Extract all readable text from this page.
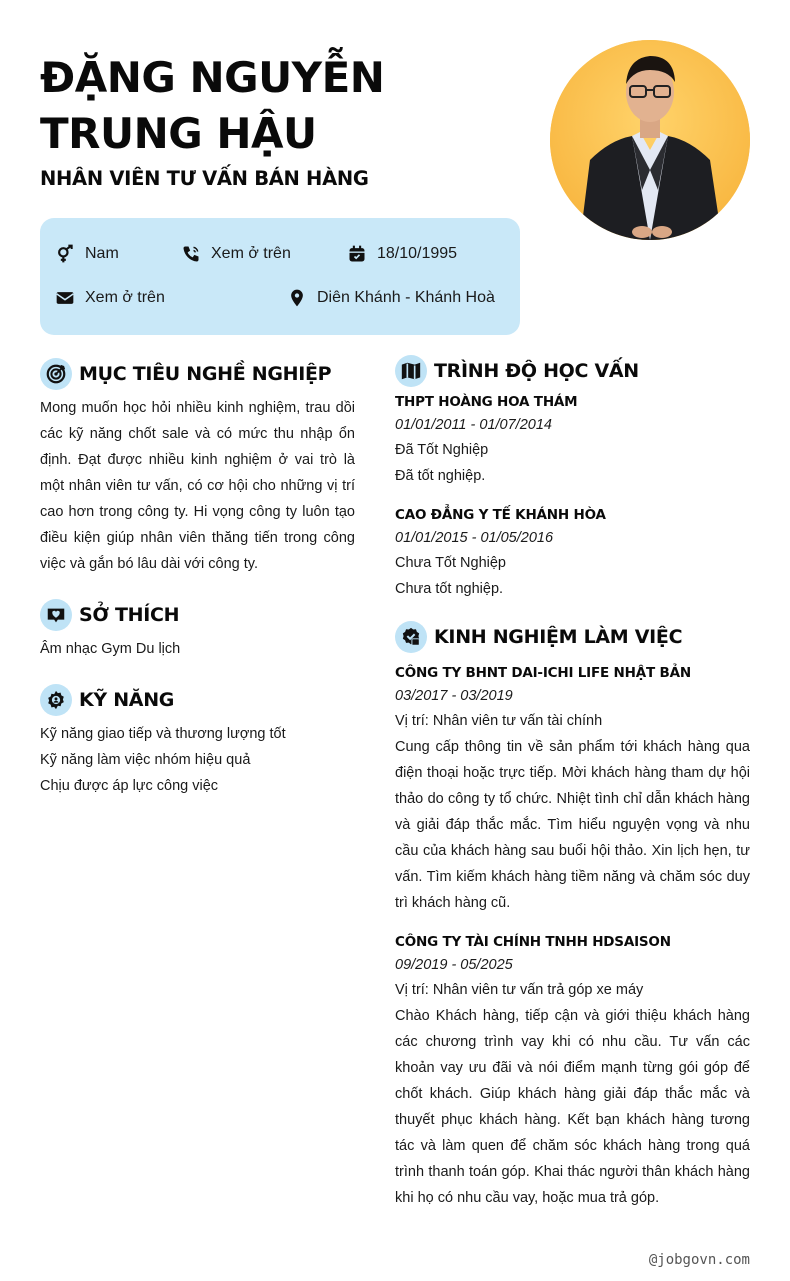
ĐẶNG NGUYỄN
TRUNG HẬU
NHÂN VIÊN TƯ VẤN BÁN HÀNG
Nam	Xem ở trên	18/10/1995
Xem ở trên	Diên Khánh - Khánh Hoà
MỤC TIÊU NGHỀ NGHIỆP
Mong muốn học hỏi nhiều kinh nghiệm, trau dồi các kỹ năng chốt sale và có mức thu nhập ổn định. Đạt được nhiều kinh nghiệm ở vai trò là một nhân viên tư vấn, có cơ hội cho những vị trí cao hơn trong công ty. Hi vọng công ty luôn tạo điều kiện giúp nhân viên thăng tiến trong công việc và gắn bó lâu dài với công ty.
SỞ THÍCH
Âm nhạc Gym Du lịch
KỸ NĂNG
Kỹ năng giao tiếp và thương lượng tốt
Kỹ năng làm việc nhóm hiệu quả
Chịu được áp lực công việc
TRÌNH ĐỘ HỌC VẤN
THPT HOÀNG HOA THÁM
01/01/2011 - 01/07/2014
Đã Tốt Nghiệp
Đã tốt nghiệp.
CAO ĐẲNG Y TẾ KHÁNH HÒA
01/01/2015 - 01/05/2016
Chưa Tốt Nghiệp
Chưa tốt nghiệp.
KINH NGHIỆM LÀM VIỆC
CÔNG TY BHNT DAI-ICHI LIFE NHẬT BẢN
03/2017 - 03/2019
Vị trí: Nhân viên tư vấn tài chính
Cung cấp thông tin về sản phẩm tới khách hàng qua điện thoại hoặc trực tiếp. Mời khách hàng tham dự hội thảo do công ty tổ chức. Nhiệt tình chỉ dẫn khách hàng và giải đáp thắc mắc. Tìm hiểu nguyện vọng và nhu cầu của khách hàng sau buổi hội thảo. Xin lịch hẹn, tư vấn. Tìm kiếm khách hàng tiềm năng và chăm sóc duy trì khách hàng cũ.
CÔNG TY TÀI CHÍNH TNHH HDSAISON
09/2019 - 05/2025
Vị trí: Nhân viên tư vấn trả góp xe máy
Chào Khách hàng, tiếp cận và giới thiệu khách hàng các chương trình vay khi có nhu cầu. Tư vấn các khoản vay ưu đãi và nói điểm mạnh từng gói góp để chốt khách. Giúp khách hàng giải đáp thắc mắc và thuyết phục khách hàng. Kết bạn khách hàng tương tác và làm quen để chăm sóc khách hàng trong quá trình thanh toán góp. Khai thác người thân khách hàng khi họ có nhu cầu vay, hoặc mua trả góp.
@jobgovn.com
